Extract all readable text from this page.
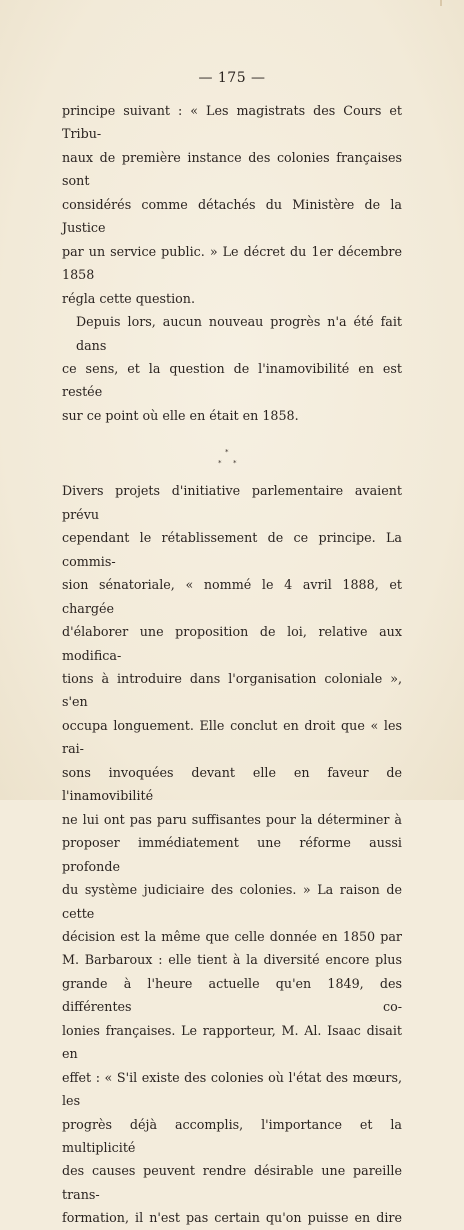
— 175 —

principe suivant : « Les magistrats des Cours et Tribu-

naux de première instance des colonies françaises sont

considérés comme détachés du Ministère de la Justice

par un service public. » Le décret du 1er décembre 1858

régla cette question.

Depuis lors, aucun nouveau progrès n'a été fait dans

ce sens, et la question de l'inamovibilité en est restée

sur ce point où elle en était en 1858.

*
* *

Divers projets d'initiative parlementaire avaient prévu

cependant le rétablissement de ce principe. La commis-

sion sénatoriale, « nommé le 4 avril 1888, et chargée

d'élaborer une proposition de loi, relative aux modifica-

tions à introduire dans l'organisation coloniale », s'en

occupa longuement. Elle conclut en droit que « les rai-

sons invoquées devant elle en faveur de l'inamovibilité

ne lui ont pas paru suffisantes pour la déterminer à

proposer immédiatement une réforme aussi profonde

du système judiciaire des colonies. » La raison de cette

décision est la même que celle donnée en 1850 par

M. Barbaroux : elle tient à la diversité encore plus

grande à l'heure actuelle qu'en 1849, des différentes co-

lonies françaises. Le rapporteur, M. Al. Isaac disait en

effet : « S'il existe des colonies où l'état des mœurs, les

progrès déjà accomplis, l'importance et la multiplicité

des causes peuvent rendre désirable une pareille trans-

formation, il n'est pas certain qu'on puisse en dire
